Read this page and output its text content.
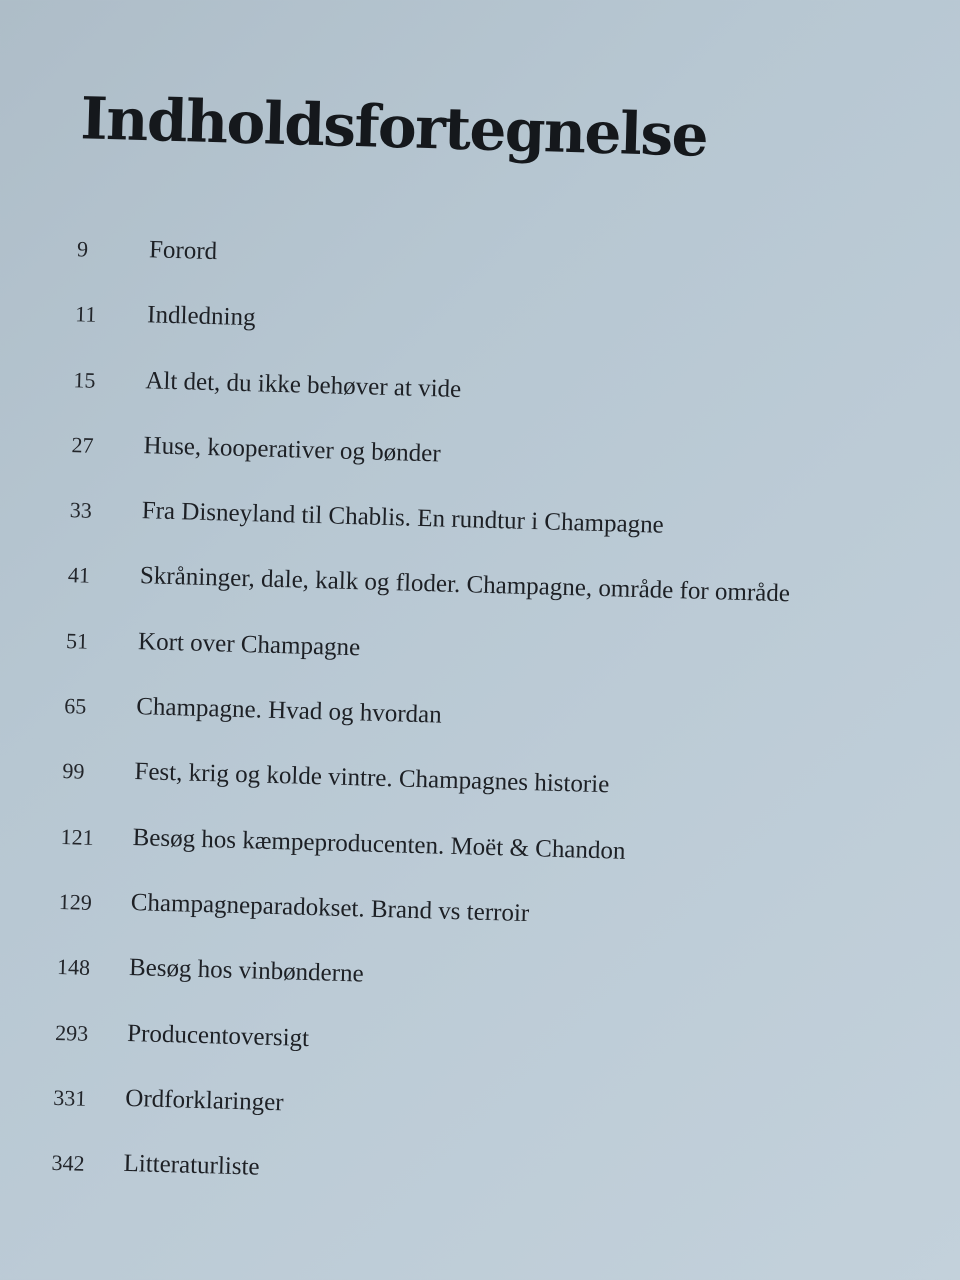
Indholdsfortegnelse
9	Forord
11	Indledning
15	Alt det, du ikke behøver at vide
27	Huse, kooperativer og bønder
33	Fra Disneyland til Chablis. En rundtur i Champagne
41	Skråninger, dale, kalk og floder. Champagne, område for område
51	Kort over Champagne
65	Champagne. Hvad og hvordan
99	Fest, krig og kolde vintre. Champagnes historie
121	Besøg hos kæmpeproducenten. Moët & Chandon
129	Champagneparadokset. Brand vs terroir
148	Besøg hos vinbønderne
293	Producentoversigt
331	Ordforklaringer
342	Litteraturliste
